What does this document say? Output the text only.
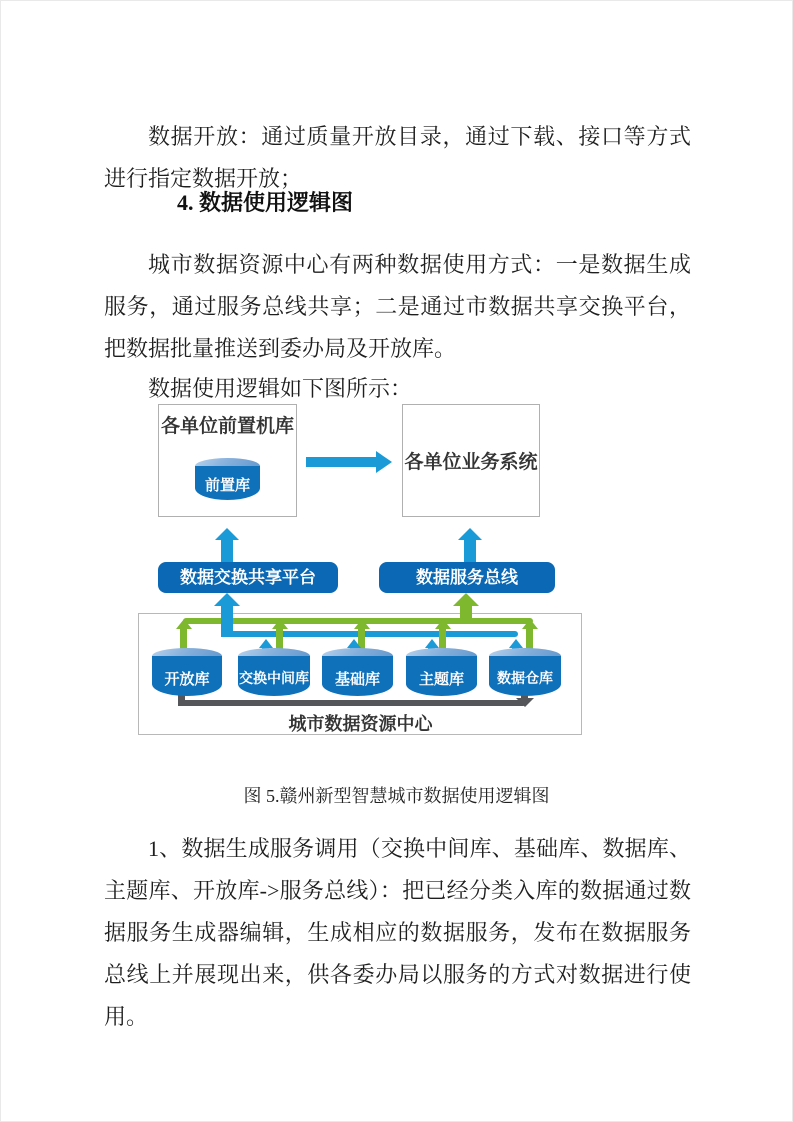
数据开放：通过质量开放目录，通过下载、接口等方式进行指定数据开放；

4. 数据使用逻辑图

城市数据资源中心有两种数据使用方式：一是数据生成服务，通过服务总线共享；二是通过市数据共享交换平台，把数据批量推送到委办局及开放库。

数据使用逻辑如下图所示：

各单位前置机库
前置库
各单位业务系统
数据交换共享平台	数据服务总线
城市数据资源中心
开放库	交换中间库	基础库	主题库	数据仓库

图 5.赣州新型智慧城市数据使用逻辑图

1、数据生成服务调用（交换中间库、基础库、数据库、主题库、开放库->服务总线）：把已经分类入库的数据通过数据服务生成器编辑，生成相应的数据服务，发布在数据服务总线上并展现出来，供各委办局以服务的方式对数据进行使用。
